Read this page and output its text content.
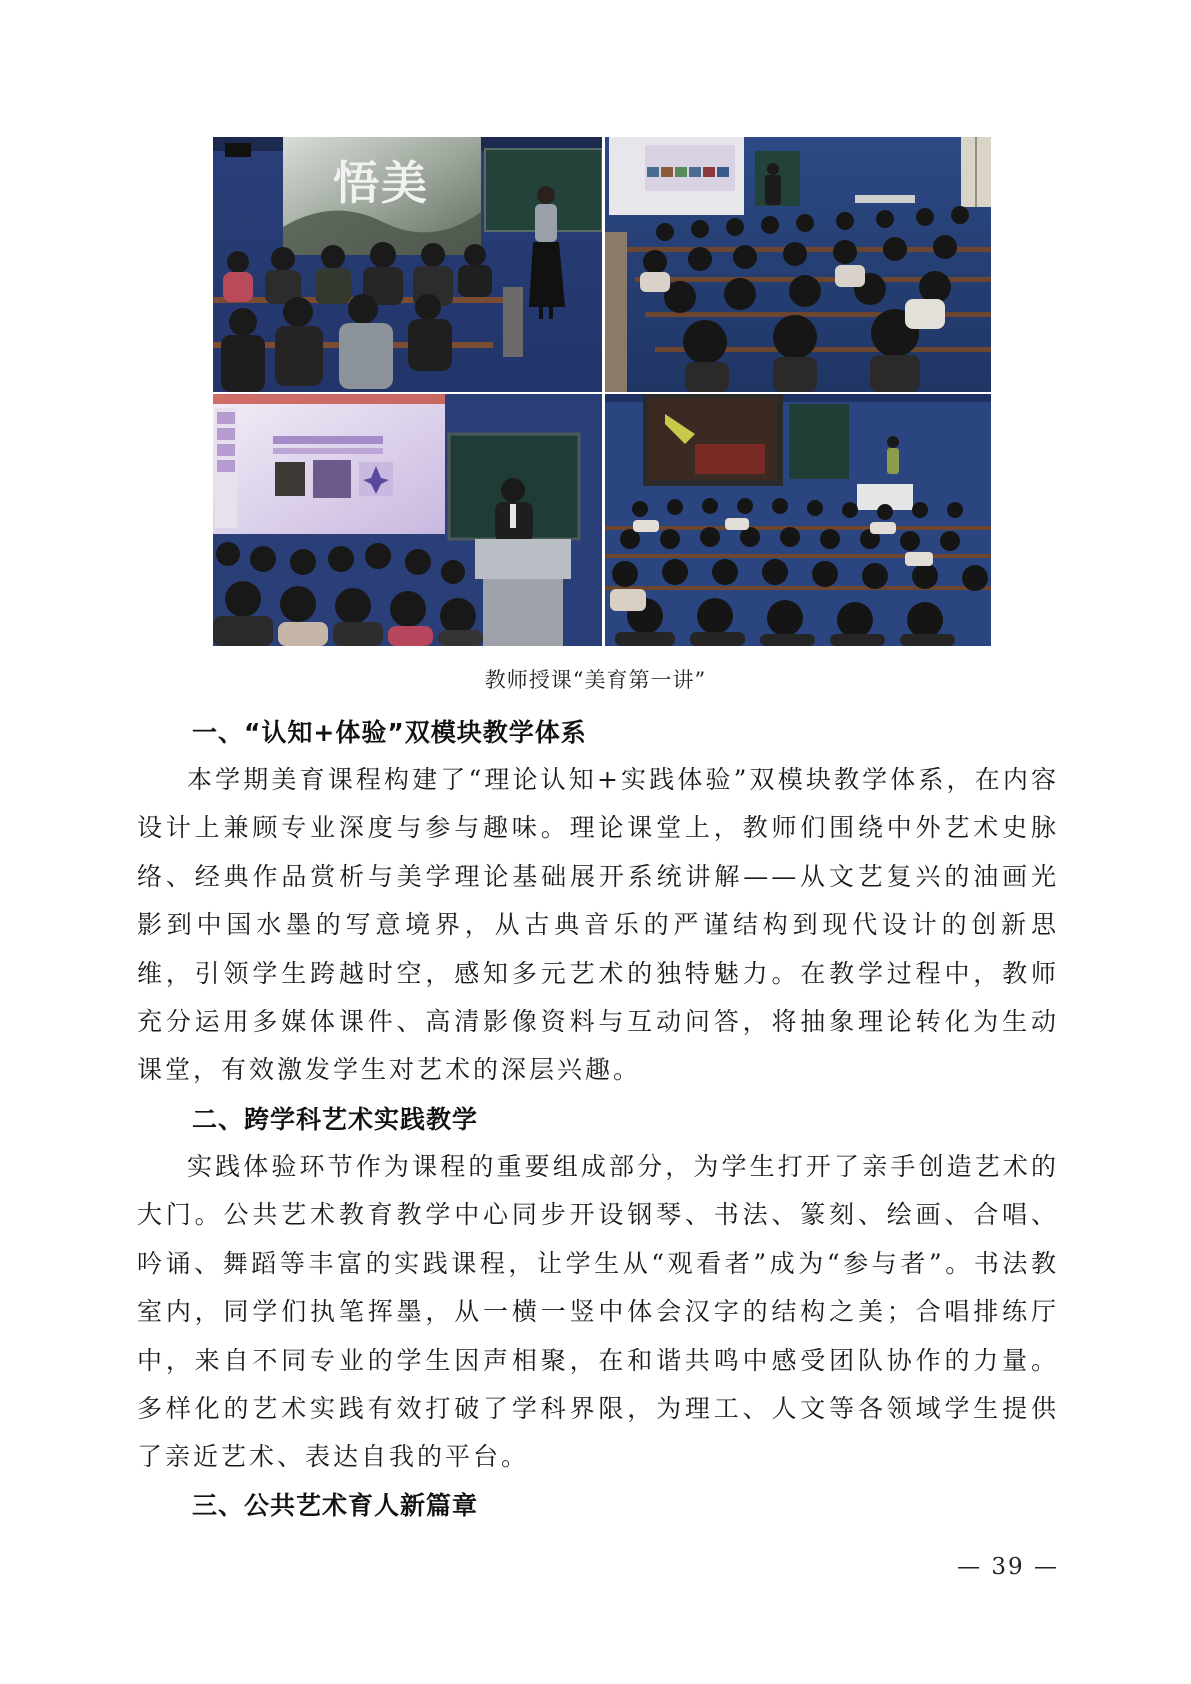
悟美
教师授课“美育第一讲”
一、“认知+体验”双模块教学体系

本学期美育课程构建了“理论认知+实践体验”双模块教学体系，在内容设计上兼顾专业深度与参与趣味。理论课堂上，教师们围绕中外艺术史脉络、经典作品赏析与美学理论基础展开系统讲解——从文艺复兴的油画光影到中国水墨的写意境界，从古典音乐的严谨结构到现代设计的创新思维，引领学生跨越时空，感知多元艺术的独特魅力。在教学过程中，教师充分运用多媒体课件、高清影像资料与互动问答，将抽象理论转化为生动课堂，有效激发学生对艺术的深层兴趣。

二、跨学科艺术实践教学

实践体验环节作为课程的重要组成部分，为学生打开了亲手创造艺术的大门。公共艺术教育教学中心同步开设钢琴、书法、篆刻、绘画、合唱、吟诵、舞蹈等丰富的实践课程，让学生从“观看者”成为“参与者”。书法教室内，同学们执笔挥墨，从一横一竖中体会汉字的结构之美；合唱排练厅中，来自不同专业的学生因声相聚，在和谐共鸣中感受团队协作的力量。多样化的艺术实践有效打破了学科界限，为理工、人文等各领域学生提供了亲近艺术、表达自我的平台。

三、公共艺术育人新篇章
— 39 —
